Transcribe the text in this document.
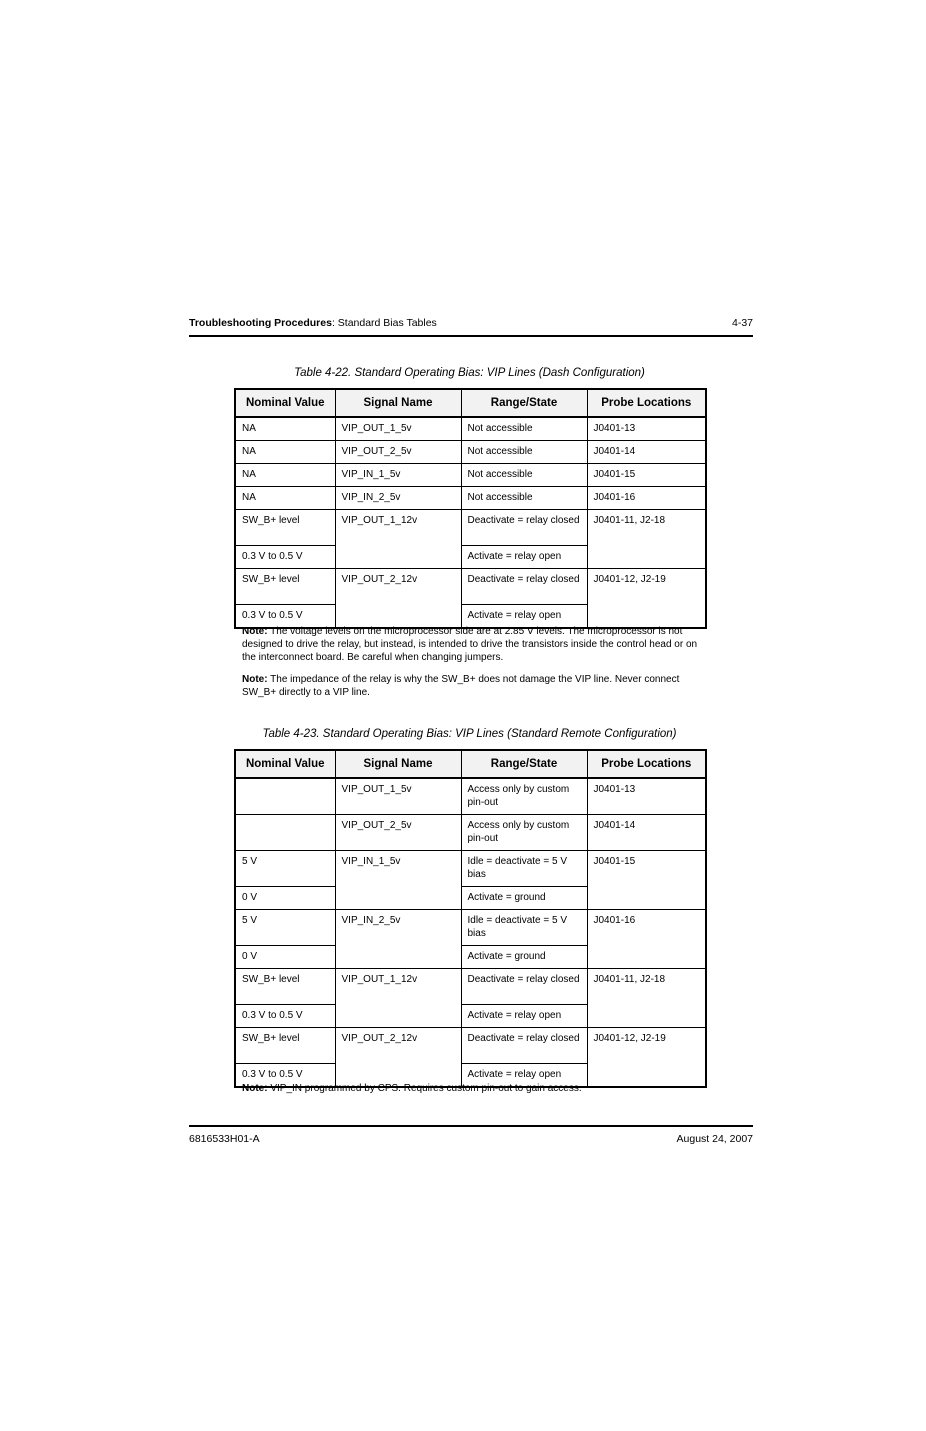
Troubleshooting Procedures: Standard Bias Tables	4-37
Table 4-22. Standard Operating Bias: VIP Lines (Dash Configuration)
Nominal Value	Signal Name	Range/State	Probe Locations
NA	VIP_OUT_1_5v	Not accessible	J0401-13
NA	VIP_OUT_2_5v	Not accessible	J0401-14
NA	VIP_IN_1_5v	Not accessible	J0401-15
NA	VIP_IN_2_5v	Not accessible	J0401-16
SW_B+ level	VIP_OUT_1_12v	Deactivate = relay closed	J0401-11, J2-18
0.3 V to 0.5 V		Activate = relay open	
SW_B+ level	VIP_OUT_2_12v	Deactivate = relay closed	J0401-12, J2-19
0.3 V to 0.5 V		Activate = relay open	
Note: The voltage levels on the microprocessor side are at 2.85 V levels. The microprocessor is not designed to drive the relay, but instead, is intended to drive the transistors inside the control head or on the interconnect board. Be careful when changing jumpers.
Note: The impedance of the relay is why the SW_B+ does not damage the VIP line. Never connect SW_B+ directly to a VIP line.
Table 4-23. Standard Operating Bias: VIP Lines (Standard Remote Configuration)
Nominal Value	Signal Name	Range/State	Probe Locations
	VIP_OUT_1_5v	Access only by custom pin-out	J0401-13
	VIP_OUT_2_5v	Access only by custom pin-out	J0401-14
5 V	VIP_IN_1_5v	Idle = deactivate = 5 V bias	J0401-15
0 V		Activate = ground	
5 V	VIP_IN_2_5v	Idle = deactivate = 5 V bias	J0401-16
0 V		Activate = ground	
SW_B+ level	VIP_OUT_1_12v	Deactivate = relay closed	J0401-11, J2-18
0.3 V to 0.5 V		Activate = relay open	
SW_B+ level	VIP_OUT_2_12v	Deactivate = relay closed	J0401-12, J2-19
0.3 V to 0.5 V		Activate = relay open	
Note: VIP_IN programmed by CPS. Requires custom pin-out to gain access.
6816533H01-A	August 24, 2007
